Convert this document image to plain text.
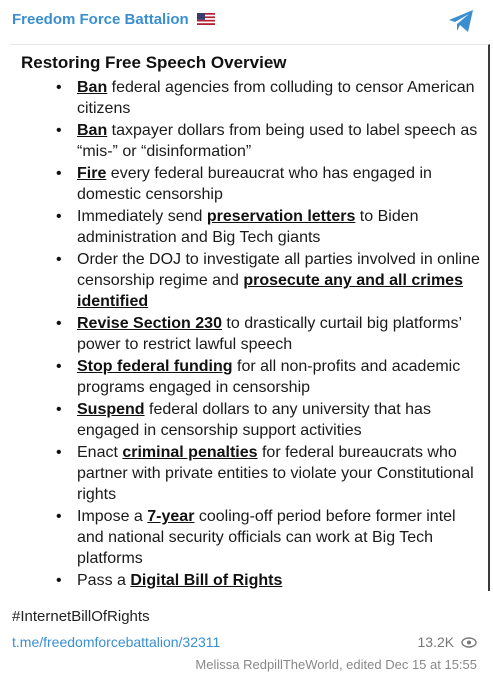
Freedom Force Battalion
Restoring Free Speech Overview
• Ban federal agencies from colluding to censor American citizens
• Ban taxpayer dollars from being used to label speech as “mis-” or “disinformation”
• Fire every federal bureaucrat who has engaged in domestic censorship
• Immediately send preservation letters to Biden administration and Big Tech giants
• Order the DOJ to investigate all parties involved in online censorship regime and prosecute any and all crimes identified
• Revise Section 230 to drastically curtail big platforms’ power to restrict lawful speech
• Stop federal funding for all non-profits and academic programs engaged in censorship
• Suspend federal dollars to any university that has engaged in censorship support activities
• Enact criminal penalties for federal bureaucrats who partner with private entities to violate your Constitutional rights
• Impose a 7-year cooling-off period before former intel and national security officials can work at Big Tech platforms
• Pass a Digital Bill of Rights
#InternetBillOfRights
t.me/freedomforcebattalion/32311	13.2K
Melissa RedpillTheWorld, edited Dec 15 at 15:55
